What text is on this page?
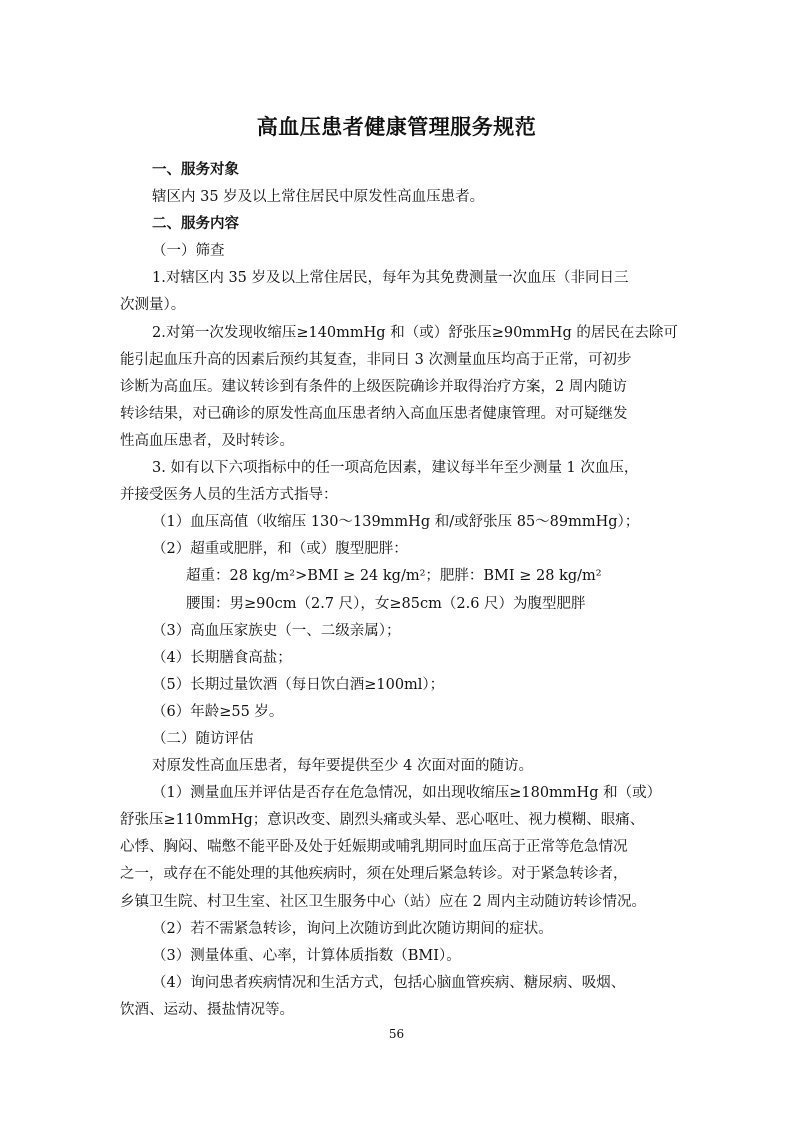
高血压患者健康管理服务规范
一、服务对象
辖区内 35 岁及以上常住居民中原发性高血压患者。
二、服务内容
（一）筛查
1.对辖区内 35 岁及以上常住居民，每年为其免费测量一次血压（非同日三
次测量）。
2.对第一次发现收缩压≥140mmHg 和（或）舒张压≥90mmHg 的居民在去除可
能引起血压升高的因素后预约其复查，非同日 3 次测量血压均高于正常，可初步
诊断为高血压。建议转诊到有条件的上级医院确诊并取得治疗方案，2 周内随访
转诊结果，对已确诊的原发性高血压患者纳入高血压患者健康管理。对可疑继发
性高血压患者，及时转诊。
3. 如有以下六项指标中的任一项高危因素，建议每半年至少测量 1 次血压，
并接受医务人员的生活方式指导：
（1）血压高值（收缩压 130～139mmHg 和/或舒张压 85～89mmHg）；
（2）超重或肥胖，和（或）腹型肥胖：
超重：28 kg/m²>BMI ≥ 24 kg/m²；肥胖：BMI ≥ 28 kg/m²
腰围：男≥90cm（2.7 尺），女≥85cm（2.6 尺）为腹型肥胖
（3）高血压家族史（一、二级亲属）；
（4）长期膳食高盐；
（5）长期过量饮酒（每日饮白酒≥100ml）；
（6）年龄≥55 岁。
（二）随访评估
对原发性高血压患者，每年要提供至少 4 次面对面的随访。
（1）测量血压并评估是否存在危急情况，如出现收缩压≥180mmHg 和（或）
舒张压≥110mmHg；意识改变、剧烈头痛或头晕、恶心呕吐、视力模糊、眼痛、
心悸、胸闷、喘憋不能平卧及处于妊娠期或哺乳期同时血压高于正常等危急情况
之一，或存在不能处理的其他疾病时，须在处理后紧急转诊。对于紧急转诊者，
乡镇卫生院、村卫生室、社区卫生服务中心（站）应在 2 周内主动随访转诊情况。
（2）若不需紧急转诊，询问上次随访到此次随访期间的症状。
（3）测量体重、心率，计算体质指数（BMI）。
（4）询问患者疾病情况和生活方式，包括心脑血管疾病、糖尿病、吸烟、
饮酒、运动、摄盐情况等。
56
